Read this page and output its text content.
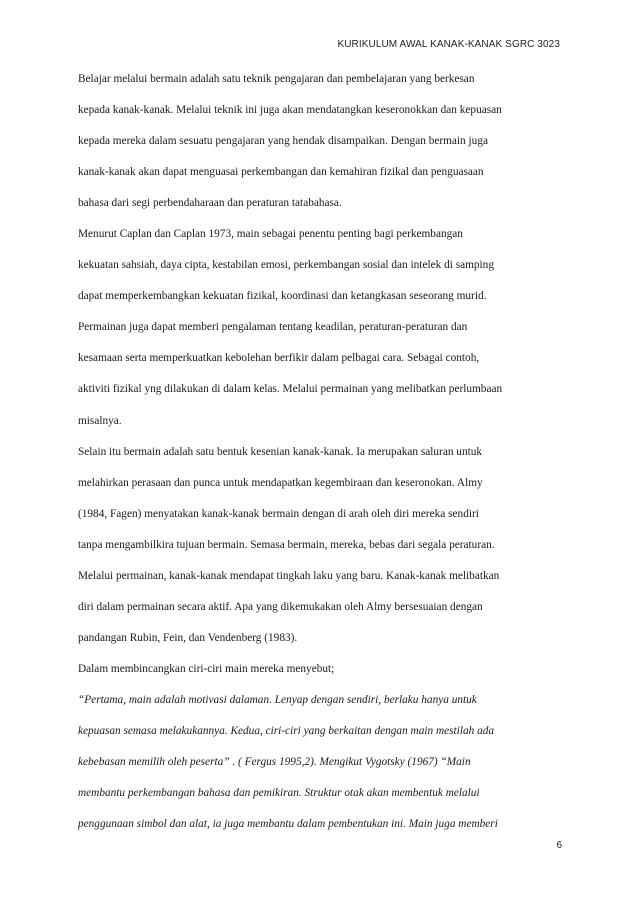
KURIKULUM AWAL KANAK-KANAK SGRC 3023
Belajar melalui bermain adalah satu teknik pengajaran dan pembelajaran yang berkesan
kepada kanak-kanak. Melalui teknik ini juga akan mendatangkan keseronokkan dan kepuasan
kepada mereka dalam sesuatu pengajaran yang hendak disampaikan. Dengan bermain juga
kanak-kanak akan dapat menguasai perkembangan dan kemahiran fizikal dan penguasaan
bahasa dari segi perbendaharaan dan peraturan tatabahasa.
Menurut Caplan dan Caplan 1973, main sebagai penentu penting bagi perkembangan
kekuatan sahsiah, daya cipta, kestabilan emosi, perkembangan sosial dan intelek di samping
dapat memperkembangkan kekuatan fizikal, koordinasi dan ketangkasan seseorang murid.
Permainan juga dapat memberi pengalaman tentang keadilan, peraturan-peraturan dan
kesamaan serta memperkuatkan kebolehan berfikir dalam pelbagai cara. Sebagai contoh,
aktiviti fizikal yng dilakukan di dalam kelas. Melalui permainan yang melibatkan perlumbaan
misalnya.
Selain itu bermain adalah satu bentuk kesenian kanak-kanak. Ia merupakan saluran untuk
melahirkan perasaan dan punca untuk mendapatkan kegembiraan dan keseronokan. Almy
(1984, Fagen) menyatakan kanak-kanak bermain dengan di arah oleh diri mereka sendiri
tanpa mengambilkira tujuan bermain. Semasa bermain, mereka, bebas dari segala peraturan.
Melalui permainan, kanak-kanak mendapat tingkah laku yang baru. Kanak-kanak melibatkan
diri dalam permainan secara aktif. Apa yang dikemukakan oleh Almy bersesuaian dengan
pandangan Rubin, Fein, dan Vendenberg (1983).
Dalam membincangkan ciri-ciri main mereka menyebut;
“Pertama, main adalah motivasi dalaman. Lenyap dengan sendiri, berlaku hanya untuk
kepuasan semasa melakukannya. Kedua, ciri-ciri yang berkaitan dengan main mestilah ada
kebebasan memilih oleh peserta” . ( Fergus 1995,2). Mengikut Vygotsky (1967) “Main
membantu perkembangan bahasa dan pemikiran. Struktur otak akan membentuk melalui
penggunaan simbol dan alat, ia juga membantu dalam pembentukan ini. Main juga memberi
6
